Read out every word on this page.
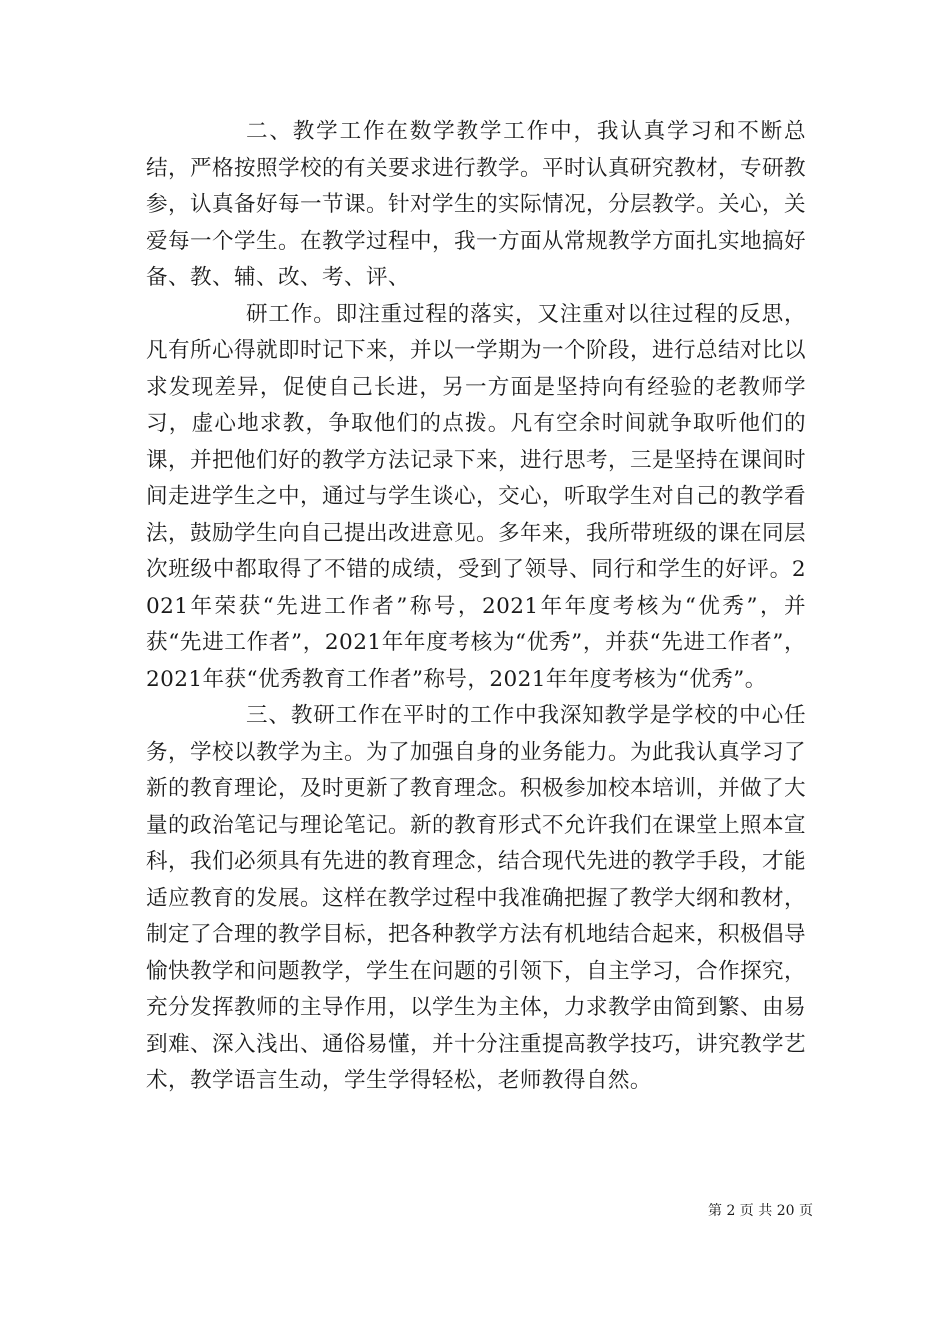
二、教学工作在数学教学工作中，我认真学习和不断总结，严格按照学校的有关要求进行教学。平时认真研究教材，专研教参，认真备好每一节课。针对学生的实际情况，分层教学。关心，关爱每一个学生。在教学过程中，我一方面从常规教学方面扎实地搞好备、教、辅、改、考、评、

研工作。即注重过程的落实，又注重对以往过程的反思，凡有所心得就即时记下来，并以一学期为一个阶段，进行总结对比以求发现差异，促使自己长进，另一方面是坚持向有经验的老教师学习，虚心地求教，争取他们的点拨。凡有空余时间就争取听他们的课，并把他们好的教学方法记录下来，进行思考，三是坚持在课间时间走进学生之中，通过与学生谈心，交心，听取学生对自己的教学看法，鼓励学生向自己提出改进意见。多年来，我所带班级的课在同层次班级中都取得了不错的成绩，受到了领导、同行和学生的好评。2021年荣获“先进工作者”称号，2021年年度考核为“优秀”，并获“先进工作者”，2021年年度考核为“优秀”，并获“先进工作者”，2021年获“优秀教育工作者”称号，2021年年度考核为“优秀”。

三、教研工作在平时的工作中我深知教学是学校的中心任务，学校以教学为主。为了加强自身的业务能力。为此我认真学习了新的教育理论，及时更新了教育理念。积极参加校本培训，并做了大量的政治笔记与理论笔记。新的教育形式不允许我们在课堂上照本宣科，我们必须具有先进的教育理念，结合现代先进的教学手段，才能适应教育的发展。这样在教学过程中我准确把握了教学大纲和教材，制定了合理的教学目标，把各种教学方法有机地结合起来，积极倡导愉快教学和问题教学，学生在问题的引领下，自主学习，合作探究，充分发挥教师的主导作用，以学生为主体，力求教学由简到繁、由易到难、深入浅出、通俗易懂，并十分注重提高教学技巧，讲究教学艺术，教学语言生动，学生学得轻松，老师教得自然。

第 2 页 共 20 页
